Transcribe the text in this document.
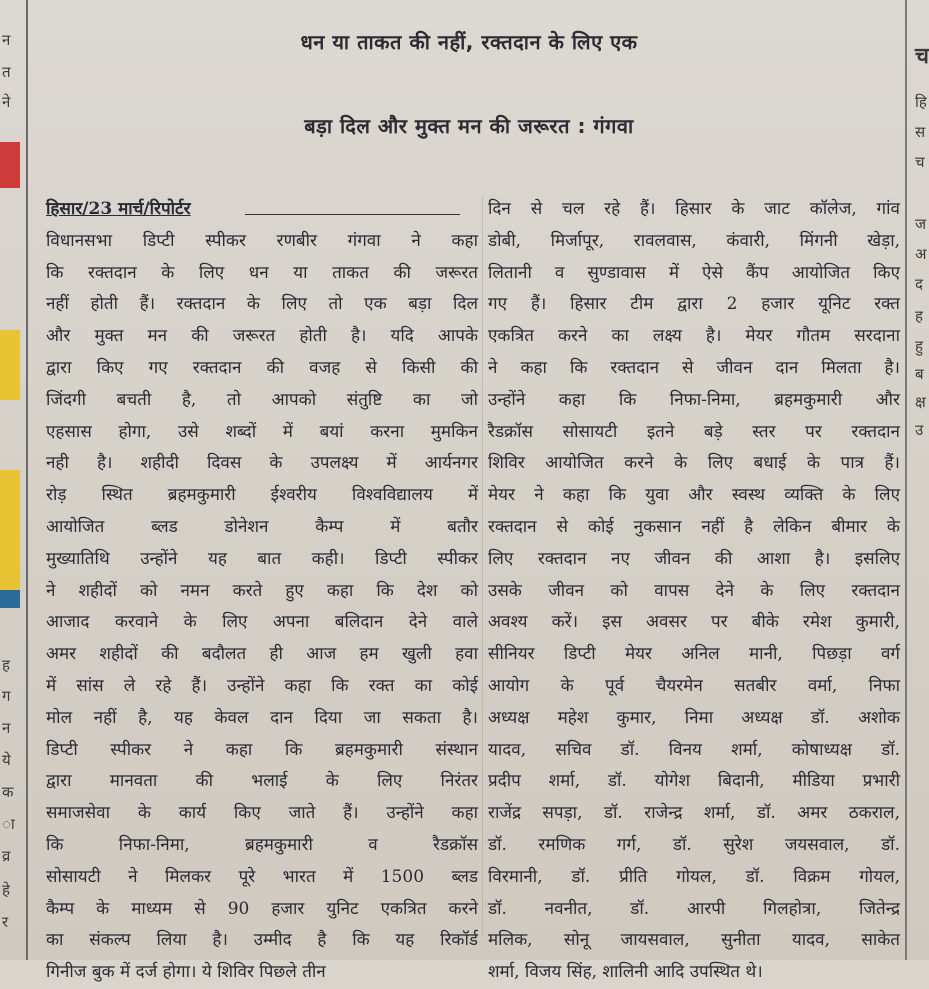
न
त
ने
ह
ग
न
ये
क
ा
व्र
हे
र
च
हि
स
च
ज
अ
द
ह
हु
ब
क्ष
उ
धन या ताकत की नहीं, रक्तदान के लिए एक
बड़ा दिल और मुक्त मन की जरूरत : गंगवा

हिसार/23 मार्च/रिपोर्टर

विधानसभा डिप्टी स्पीकर रणबीर गंगवा ने कहा

कि रक्तदान के लिए धन या ताकत की जरूरत

नहीं होती हैं। रक्तदान के लिए तो एक बड़ा दिल

और मुक्त मन की जरूरत होती है। यदि आपके

द्वारा किए गए रक्तदान की वजह से किसी की

जिंदगी बचती है, तो आपको संतुष्टि का जो

एहसास होगा, उसे शब्दों में बयां करना मुमकिन

नही है। शहीदी दिवस के उपलक्ष्य में आर्यनगर

रोड़ स्थित ब्रहमकुमारी ईश्वरीय विश्वविद्यालय में

आयोजित ब्लड डोनेशन कैम्प में बतौर

मुख्यातिथि उन्होंने यह बात कही। डिप्टी स्पीकर

ने शहीदों को नमन करते हुए कहा कि देश को

आजाद करवाने के लिए अपना बलिदान देने वाले

अमर शहीदों की बदौलत ही आज हम खुली हवा

में सांस ले रहे हैं। उन्होंने कहा कि रक्त का कोई

मोल नहीं है, यह केवल दान दिया जा सकता है।

डिप्टी स्पीकर ने कहा कि ब्रहमकुमारी संस्थान

द्वारा मानवता की भलाई के लिए निरंतर

समाजसेवा के कार्य किए जाते हैं। उन्होंने कहा

कि निफा-निमा, ब्रहमकुमारी व रैडक्रॉस

सोसायटी ने मिलकर पूरे भारत में 1500 ब्लड

कैम्प के माध्यम से 90 हजार युनिट एकत्रित करने

का संकल्प लिया है। उम्मीद है कि यह रिकॉर्ड

गिनीज बुक में दर्ज होगा। ये शिविर पिछले तीन

दिन से चल रहे हैं। हिसार के जाट कॉलेज, गांव

डोबी, मिर्जापूर, रावलवास, कंवारी, मिंगनी खेड़ा,

लितानी व सुण्डावास में ऐसे कैंप आयोजित किए

गए हैं। हिसार टीम द्वारा 2 हजार यूनिट रक्त

एकत्रित करने का लक्ष्य है। मेयर गौतम सरदाना

ने कहा कि रक्तदान से जीवन दान मिलता है।

उन्होंने कहा कि निफा-निमा, ब्रहमकुमारी और

रैडक्रॉस सोसायटी इतने बड़े स्तर पर रक्तदान

शिविर आयोजित करने के लिए बधाई के पात्र हैं।

मेयर ने कहा कि युवा और स्वस्थ व्यक्ति के लिए

रक्तदान से कोई नुकसान नहीं है लेकिन बीमार के

लिए रक्तदान नए जीवन की आशा है। इसलिए

उसके जीवन को वापस देने के लिए रक्तदान

अवश्य करें। इस अवसर पर बीके रमेश कुमारी,

सीनियर डिप्टी मेयर अनिल मानी, पिछड़ा वर्ग

आयोग के पूर्व चैयरमेन सतबीर वर्मा, निफा

अध्यक्ष महेश कुमार, निमा अध्यक्ष डॉ. अशोक

यादव, सचिव डॉ. विनय शर्मा, कोषाध्यक्ष डॉ.

प्रदीप शर्मा, डॉ. योगेश बिदानी, मीडिया प्रभारी

राजेंद्र सपड़ा, डॉ. राजेन्द्र शर्मा, डॉ. अमर ठकराल,

डॉ. रमणिक गर्ग, डॉ. सुरेश जयसवाल, डॉ.

विरमानी, डॉ. प्रीति गोयल, डॉ. विक्रम गोयल,

डॉ. नवनीत, डॉ. आरपी गिलहोत्रा, जितेन्द्र

मलिक, सोनू जायसवाल, सुनीता यादव, साकेत

शर्मा, विजय सिंह, शालिनी आदि उपस्थित थे।
